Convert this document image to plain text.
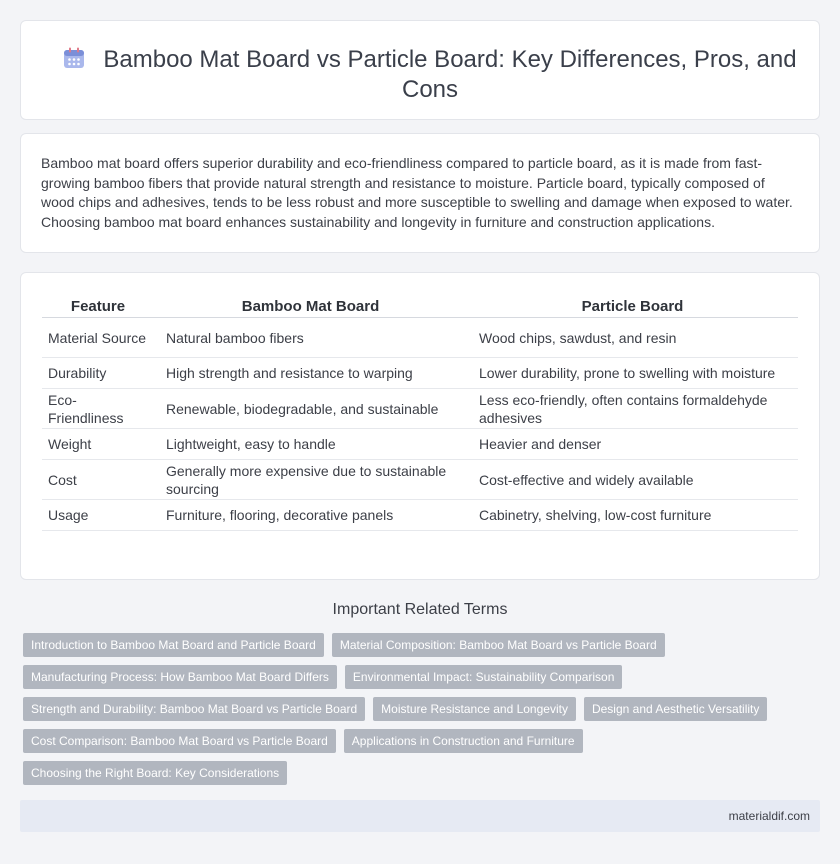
Bamboo Mat Board vs Particle Board: Key Differences, Pros, and Cons

Bamboo mat board offers superior durability and eco-friendliness compared to particle board, as it is made from fast-growing bamboo fibers that provide natural strength and resistance to moisture. Particle board, typically composed of wood chips and adhesives, tends to be less robust and more susceptible to swelling and damage when exposed to water. Choosing bamboo mat board enhances sustainability and longevity in furniture and construction applications.

Feature	Bamboo Mat Board	Particle Board
Material Source	Natural bamboo fibers	Wood chips, sawdust, and resin
Durability	High strength and resistance to warping	Lower durability, prone to swelling with moisture
Eco-Friendliness	Renewable, biodegradable, and sustainable	Less eco-friendly, often contains formaldehyde adhesives
Weight	Lightweight, easy to handle	Heavier and denser
Cost	Generally more expensive due to sustainable sourcing	Cost-effective and widely available
Usage	Furniture, flooring, decorative panels	Cabinetry, shelving, low-cost furniture
Important Related Terms
Introduction to Bamboo Mat Board and Particle Board	Material Composition: Bamboo Mat Board vs Particle Board
Manufacturing Process: How Bamboo Mat Board Differs	Environmental Impact: Sustainability Comparison
Strength and Durability: Bamboo Mat Board vs Particle Board	Moisture Resistance and Longevity	Design and Aesthetic Versatility
Cost Comparison: Bamboo Mat Board vs Particle Board	Applications in Construction and Furniture
Choosing the Right Board: Key Considerations
materialdif.com
